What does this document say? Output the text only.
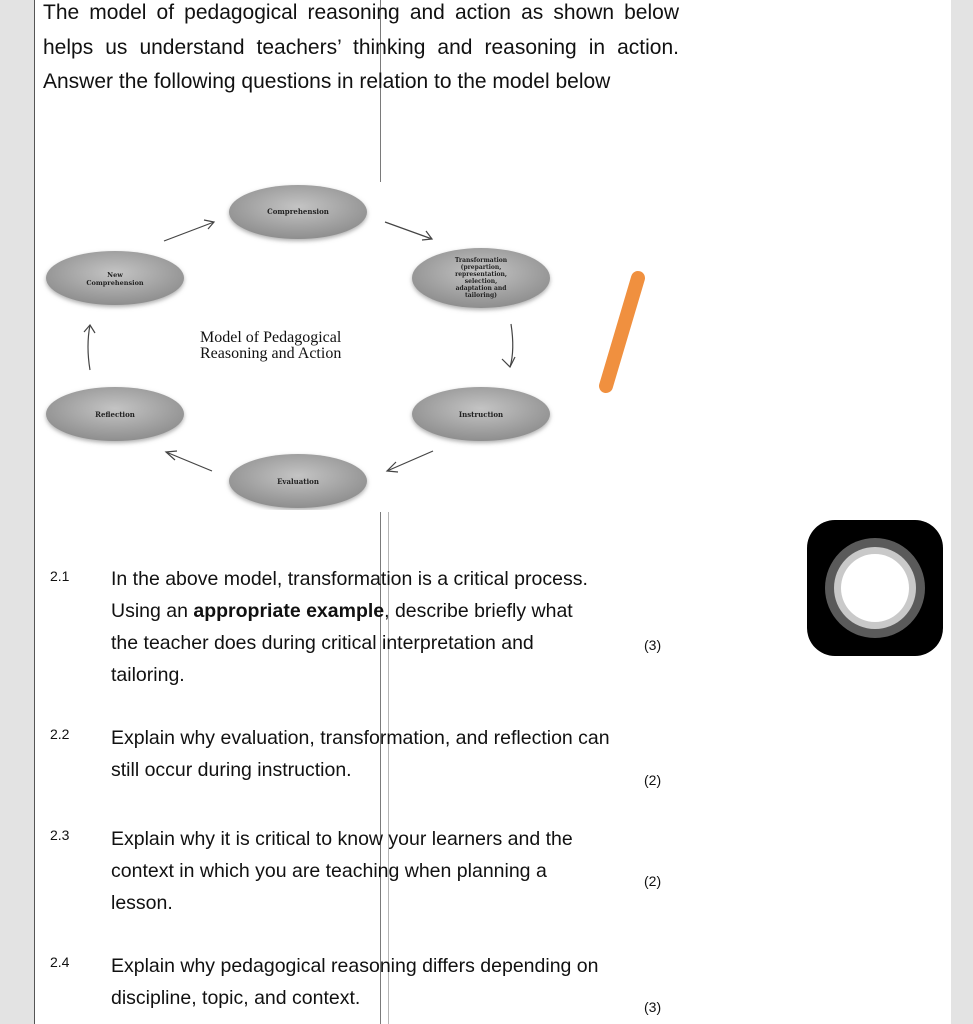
The model of pedagogical reasoning and action as shown below helps us understand teachers’ thinking and reasoning in action. Answer the following questions in relation to the model below

Comprehension
Transformation
(prepartion,
representation,
selection,
adaptation and
tailoring)
Instruction
Evaluation
Reflection
New
Comprehension
Model of Pedagogical
Reasoning and Action
2.1 In the above model, transformation is a critical process. Using an appropriate example, describe briefly what the teacher does during critical interpretation and tailoring.

(3)
2.2 Explain why evaluation, transformation, and reflection can still occur during instruction.	(2)
2.3 Explain why it is critical to know your learners and the context in which you are teaching when planning a lesson.

(2)
2.4 Explain why pedagogical reasoning differs depending on discipline, topic, and context.	(3)
